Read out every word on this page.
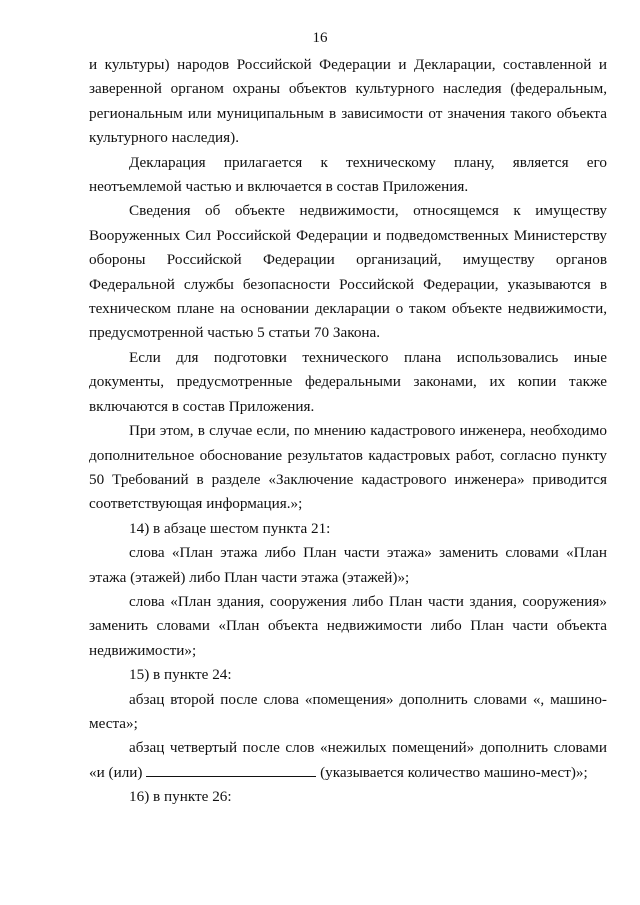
16

и культуры) народов Российской Федерации и Декларации, составленной и заверенной органом охраны объектов культурного наследия (федеральным, региональным или муниципальным в зависимости от значения такого объекта культурного наследия).

Декларация прилагается к техническому плану, является его неотъемлемой частью и включается в состав Приложения.

Сведения об объекте недвижимости, относящемся к имуществу Вооруженных Сил Российской Федерации и подведомственных Министерству обороны Российской Федерации организаций, имуществу органов Федеральной службы безопасности Российской Федерации, указываются в техническом плане на основании декларации о таком объекте недвижимости, предусмотренной частью 5 статьи 70 Закона.

Если для подготовки технического плана использовались иные документы, предусмотренные федеральными законами, их копии также включаются в состав Приложения.

При этом, в случае если, по мнению кадастрового инженера, необходимо дополнительное обоснование результатов кадастровых работ, согласно пункту 50 Требований в разделе «Заключение кадастрового инженера» приводится соответствующая информация.»;

14) в абзаце шестом пункта 21:

слова «План этажа либо План части этажа» заменить словами «План этажа (этажей) либо План части этажа (этажей)»;

слова «План здания, сооружения либо План части здания, сооружения» заменить словами «План объекта недвижимости либо План части объекта недвижимости»;

15) в пункте 24:

абзац второй после слова «помещения» дополнить словами «, машино-места»;

абзац четвертый после слов «нежилых помещений» дополнить словами

«и (или)	(указывается количество машино-мест)»;

16) в пункте 26:
